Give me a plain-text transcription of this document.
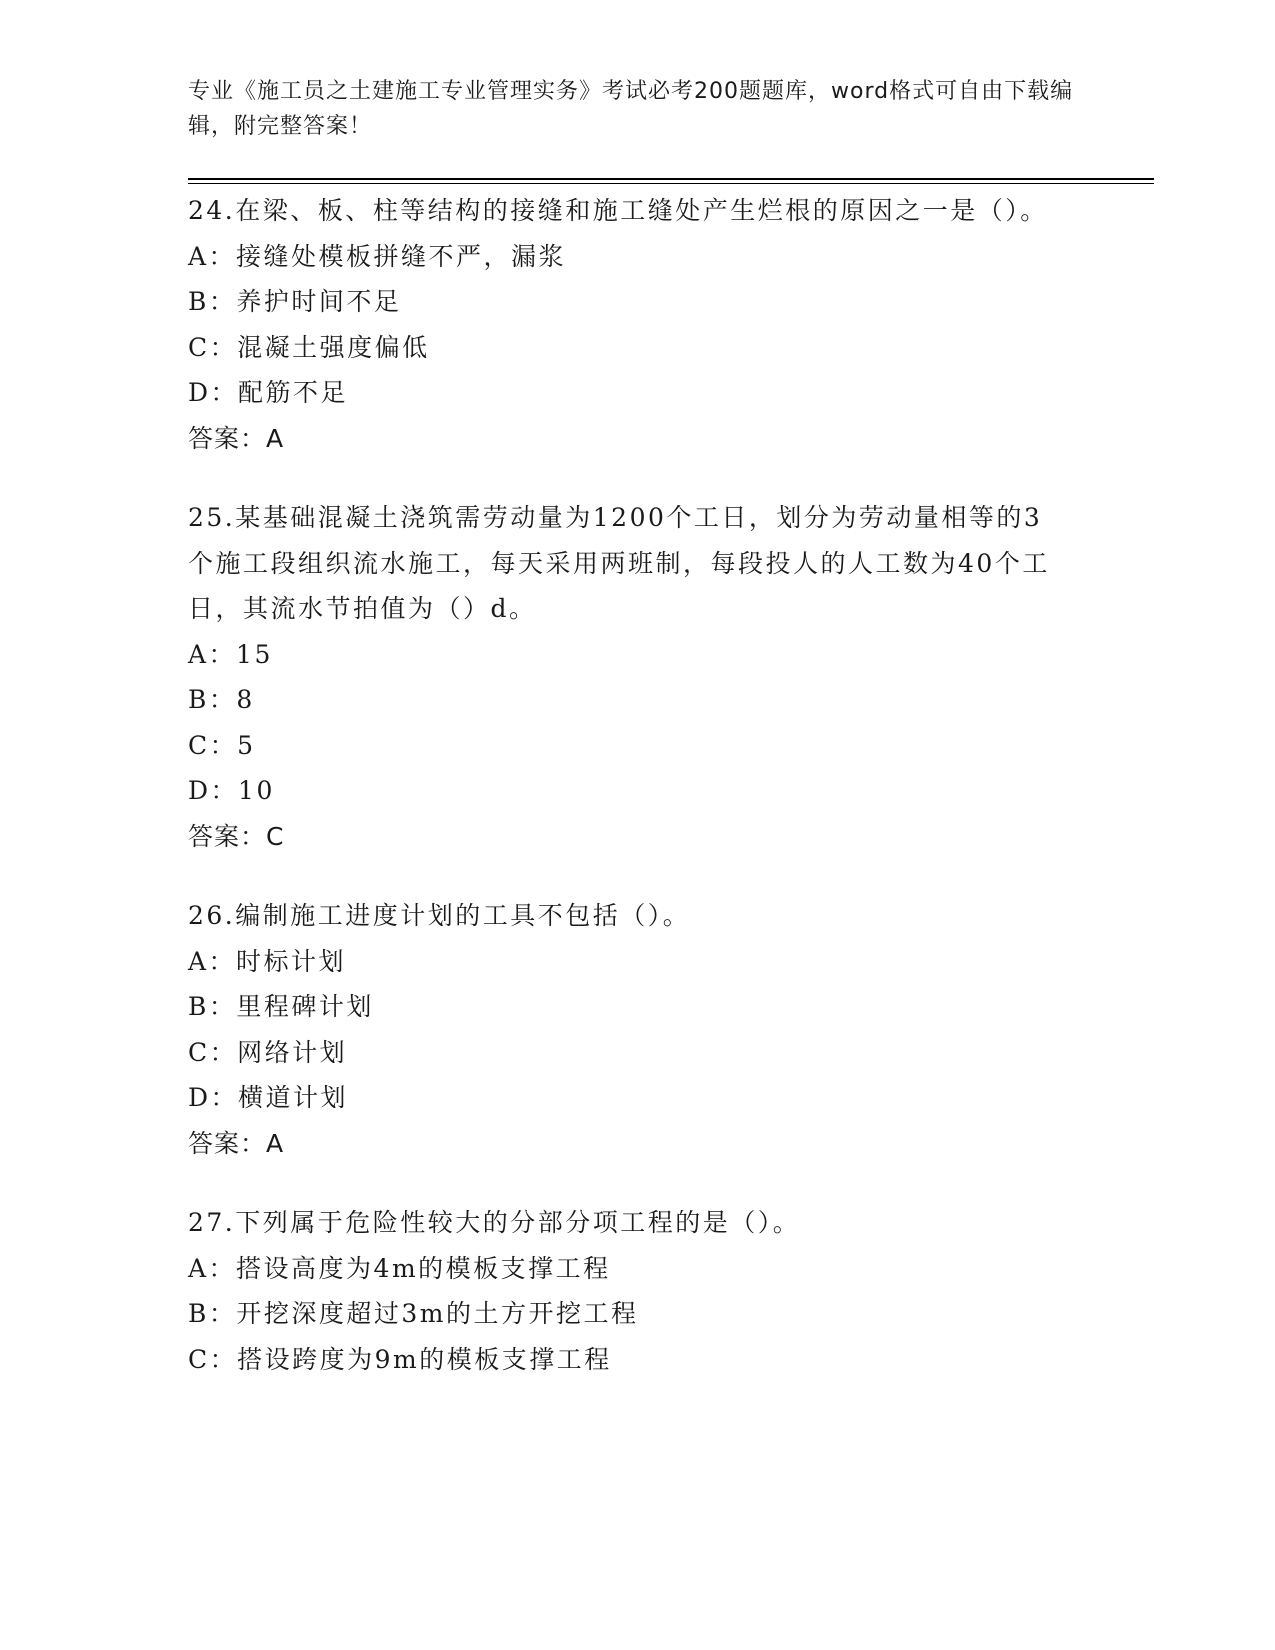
专业《施工员之土建施工专业管理实务》考试必考200题题库，word格式可自由下载编辑，附完整答案！

24.在梁、板、柱等结构的接缝和施工缝处产生烂根的原因之一是（）。

A：接缝处模板拼缝不严，漏浆

B：养护时间不足

C：混凝土强度偏低

D：配筋不足

答案：A

25.某基础混凝土浇筑需劳动量为1200个工日，划分为劳动量相等的3个施工段组织流水施工，每天采用两班制，每段投人的人工数为40个工日，其流水节拍值为（）d。

A：15

B：8

C：5

D：10

答案：C

26.编制施工进度计划的工具不包括（）。

A：时标计划

B：里程碑计划

C：网络计划

D：横道计划

答案：A

27.下列属于危险性较大的分部分项工程的是（）。

A：搭设高度为4m的模板支撑工程

B：开挖深度超过3m的土方开挖工程

C：搭设跨度为9m的模板支撑工程
